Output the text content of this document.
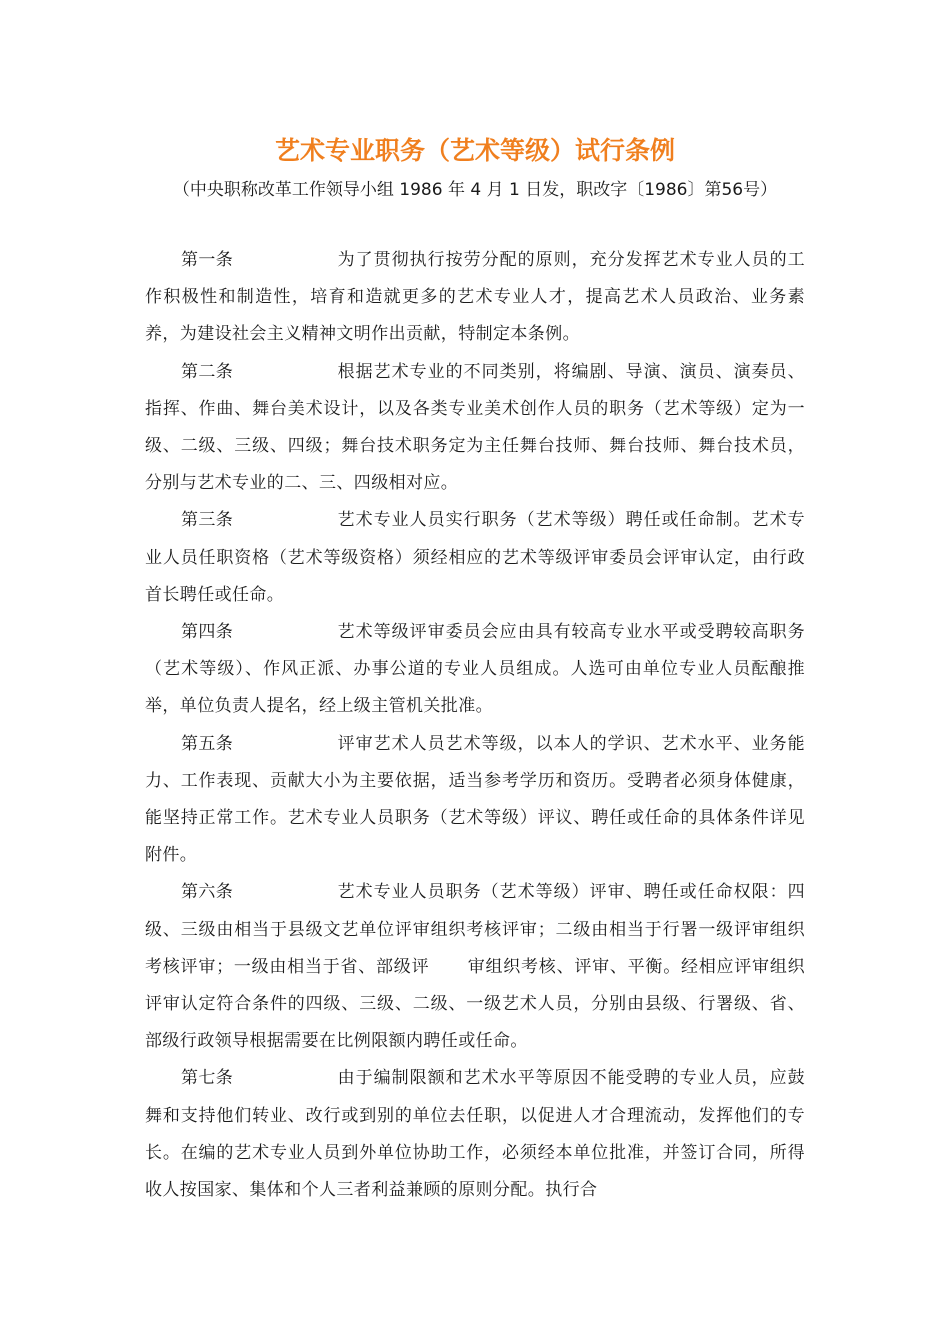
艺术专业职务（艺术等级）试行条例
（中央职称改革工作领导小组 1986 年 4 月 1 日发，职改字〔1986〕第56号）

第一条	为了贯彻执行按劳分配的原则，充分发挥艺术专业人员的工作积极性和制造性，培育和造就更多的艺术专业人才，提高艺术人员政治、业务素养，为建设社会主义精神文明作出贡献，特制定本条例。

第二条	根据艺术专业的不同类别，将编剧、导演、演员、演奏员、指挥、作曲、舞台美术设计，以及各类专业美术创作人员的职务（艺术等级）定为一级、二级、三级、四级；舞台技术职务定为主任舞台技师、舞台技师、舞台技术员，分别与艺术专业的二、三、四级相对应。

第三条	艺术专业人员实行职务（艺术等级）聘任或任命制。艺术专业人员任职资格（艺术等级资格）须经相应的艺术等级评审委员会评审认定，由行政首长聘任或任命。

第四条	艺术等级评审委员会应由具有较高专业水平或受聘较高职务（艺术等级）、作风正派、办事公道的专业人员组成。人选可由单位专业人员酝酿推举，单位负责人提名，经上级主管机关批准。

第五条	评审艺术人员艺术等级，以本人的学识、艺术水平、业务能力、工作表现、贡献大小为主要依据，适当参考学历和资历。受聘者必须身体健康，能坚持正常工作。艺术专业人员职务（艺术等级）评议、聘任或任命的具体条件详见附件。

第六条	艺术专业人员职务（艺术等级）评审、聘任或任命权限：四级、三级由相当于县级文艺单位评审组织考核评审；二级由相当于行署一级评审组织考核评审；一级由相当于省、部级评 审组织考核、评审、平衡。经相应评审组织评审认定符合条件的四级、三级、二级、一级艺术人员，分别由县级、行署级、省、部级行政领导根据需要在比例限额内聘任或任命。

第七条	由于编制限额和艺术水平等原因不能受聘的专业人员，应鼓舞和支持他们转业、改行或到别的单位去任职，以促进人才合理流动，发挥他们的专长。在编的艺术专业人员到外单位协助工作，必须经本单位批准，并签订合同，所得收人按国家、集体和个人三者利益兼顾的原则分配。执行合
